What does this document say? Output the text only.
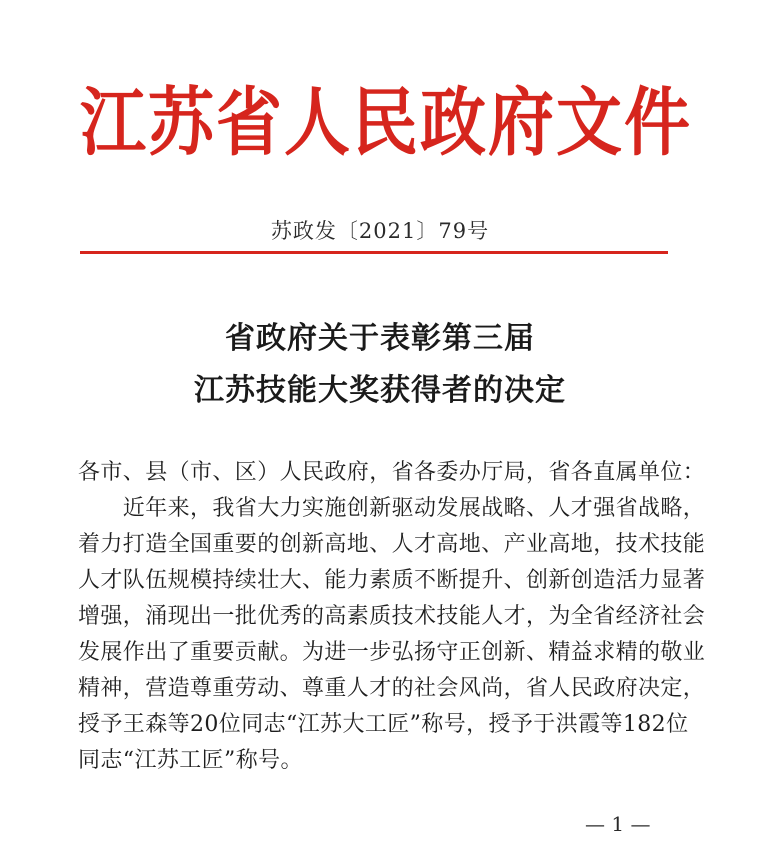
江苏省人民政府文件
苏政发〔2021〕79号
省政府关于表彰第三届
江苏技能大奖获得者的决定
各市、县（市、区）人民政府，省各委办厅局，省各直属单位：
　　近年来，我省大力实施创新驱动发展战略、人才强省战略，
着力打造全国重要的创新高地、人才高地、产业高地，技术技能
人才队伍规模持续壮大、能力素质不断提升、创新创造活力显著
增强，涌现出一批优秀的高素质技术技能人才，为全省经济社会
发展作出了重要贡献。为进一步弘扬守正创新、精益求精的敬业
精神，营造尊重劳动、尊重人才的社会风尚，省人民政府决定，
授予王森等20位同志“江苏大工匠”称号，授予于洪霞等182位
同志“江苏工匠”称号。
— 1 —
